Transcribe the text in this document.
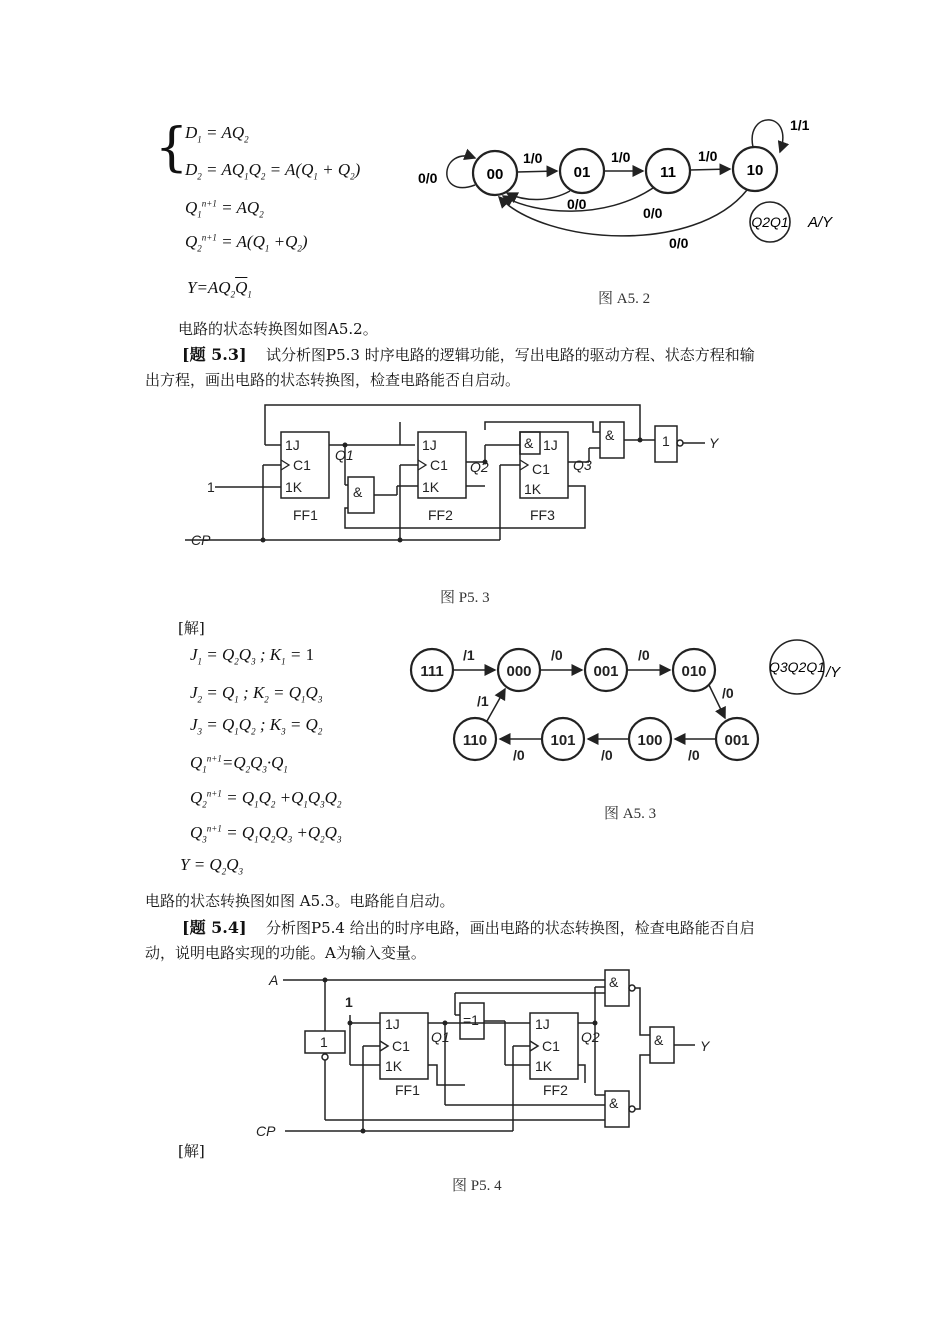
{
$D_1 = AQ_2$
$D_2 = AQ_1Q_2 = A(Q_1 + Q_2)$
$Q_1^{n+1} = AQ_2$
$Q_2^{n+1} = A(Q_1 +Q_2)$
$Y=AQ_2\overline{Q}_1$
00	01	11	10
0/0
1/0	1/0	1/0
1/1
0/0
0/0
0/0
Q2Q1 A/Y
图 A5. 2
电路的状态转换图如图A5.2。
[题 5.3] 试分析图P5.3 时序电路的逻辑功能，写出电路的驱动方程、状态方程和输
出方程，画出电路的状态转换图，检查电路能否自启动。
1J
C1
1K
1J
C1
1K
1J
C1
1K
&	&	1
&
FF1	FF2	FF3
Q1
Q2	Q3
1
CP
Y
图 P5. 3
[解]
$J_1 = Q_2Q_3$ ; $K_1 = 1$
$J_2 = Q_1$ ; $K_2 = Q_1Q_3$
$J_3 = Q_1Q_2$ ; $K_3 = Q_2$
$Q_1^{n+1}=Q_2Q_3\cdot Q_1$
$Q_2^{n+1} = Q_1Q_2 +Q_1Q_3Q_2$
$Q_3^{n+1} = Q_1Q_2Q_3 +Q_2Q_3$
$Y = Q_2Q_3$
111	000	001	010
001
100
101
110
/1	/0	/0
/0
/0
/0
/0
/1
Q3Q2Q1 /Y
图 A5. 3
电路的状态转换图如图 A5.3。电路能自启动。
[题 5.4] 分析图P5.4 给出的时序电路，画出电路的状态转换图，检查电路能否自启
动，说明电路实现的功能。A为输入变量。
A
1
1
1J
C1
1K
1J
C1
1K
FF1	FF2
Q1	Q2
=1
&
&
&
CP
Y
[解]
图 P5. 4
